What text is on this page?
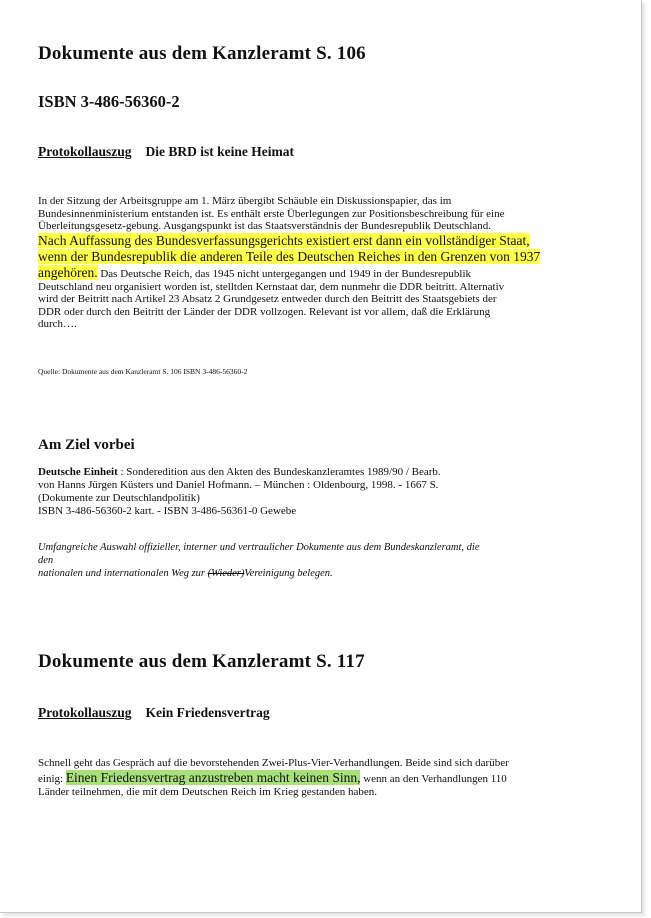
Dokumente aus dem Kanzleramt S. 106
ISBN 3-486-56360-2
Protokollauszug Die BRD ist keine Heimat
In der Sitzung der Arbeitsgruppe am 1. März übergibt Schäuble ein Diskussionspapier, das im
Bundesinnenministerium entstanden ist. Es enthält erste Überlegungen zur Positionsbeschreibung für eine
Überleitungsgesetz-gebung. Ausgangspunkt ist das Staatsverständnis der Bundesrepublik Deutschland.
Nach Auffassung des Bundesverfassungsgerichts existiert erst dann ein vollständiger Staat,
wenn der Bundesrepublik die anderen Teile des Deutschen Reiches in den Grenzen von 1937
angehören. Das Deutsche Reich, das 1945 nicht untergegangen und 1949 in der Bundesrepublik
Deutschland neu organisiert worden ist, stelltden Kernstaat dar, dem nunmehr die DDR beitritt. Alternativ
wird der Beitritt nach Artikel 23 Absatz 2 Grundgesetz entweder durch den Beitritt des Staatsgebiets der
DDR oder durch den Beitritt der Länder der DDR vollzogen. Relevant ist vor allem, daß die Erklärung
durch….
Quelle: Dokumente aus dem Kanzleramt S. 106 ISBN 3-486-56360-2
Am Ziel vorbei
Deutsche Einheit : Sonderedition aus den Akten des Bundeskanzleramtes 1989/90 / Bearb.
von Hanns Jürgen Küsters und Daniel Hofmann. – München : Oldenbourg, 1998. - 1667 S.
(Dokumente zur Deutschlandpolitik)
ISBN 3-486-56360-2 kart. - ISBN 3-486-56361-0 Gewebe
Umfangreiche Auswahl offizieller, interner und vertraulicher Dokumente aus dem Bundeskanzleramt, die
den
nationalen und internationalen Weg zur (Wieder)Vereinigung belegen.
Dokumente aus dem Kanzleramt S. 117
Protokollauszug Kein Friedensvertrag
Schnell geht das Gespräch auf die bevorstehenden Zwei-Plus-Vier-Verhandlungen. Beide sind sich darüber
einig: Einen Friedensvertrag anzustreben macht keinen Sinn, wenn an den Verhandlungen 110
Länder teilnehmen, die mit dem Deutschen Reich im Krieg gestanden haben.
